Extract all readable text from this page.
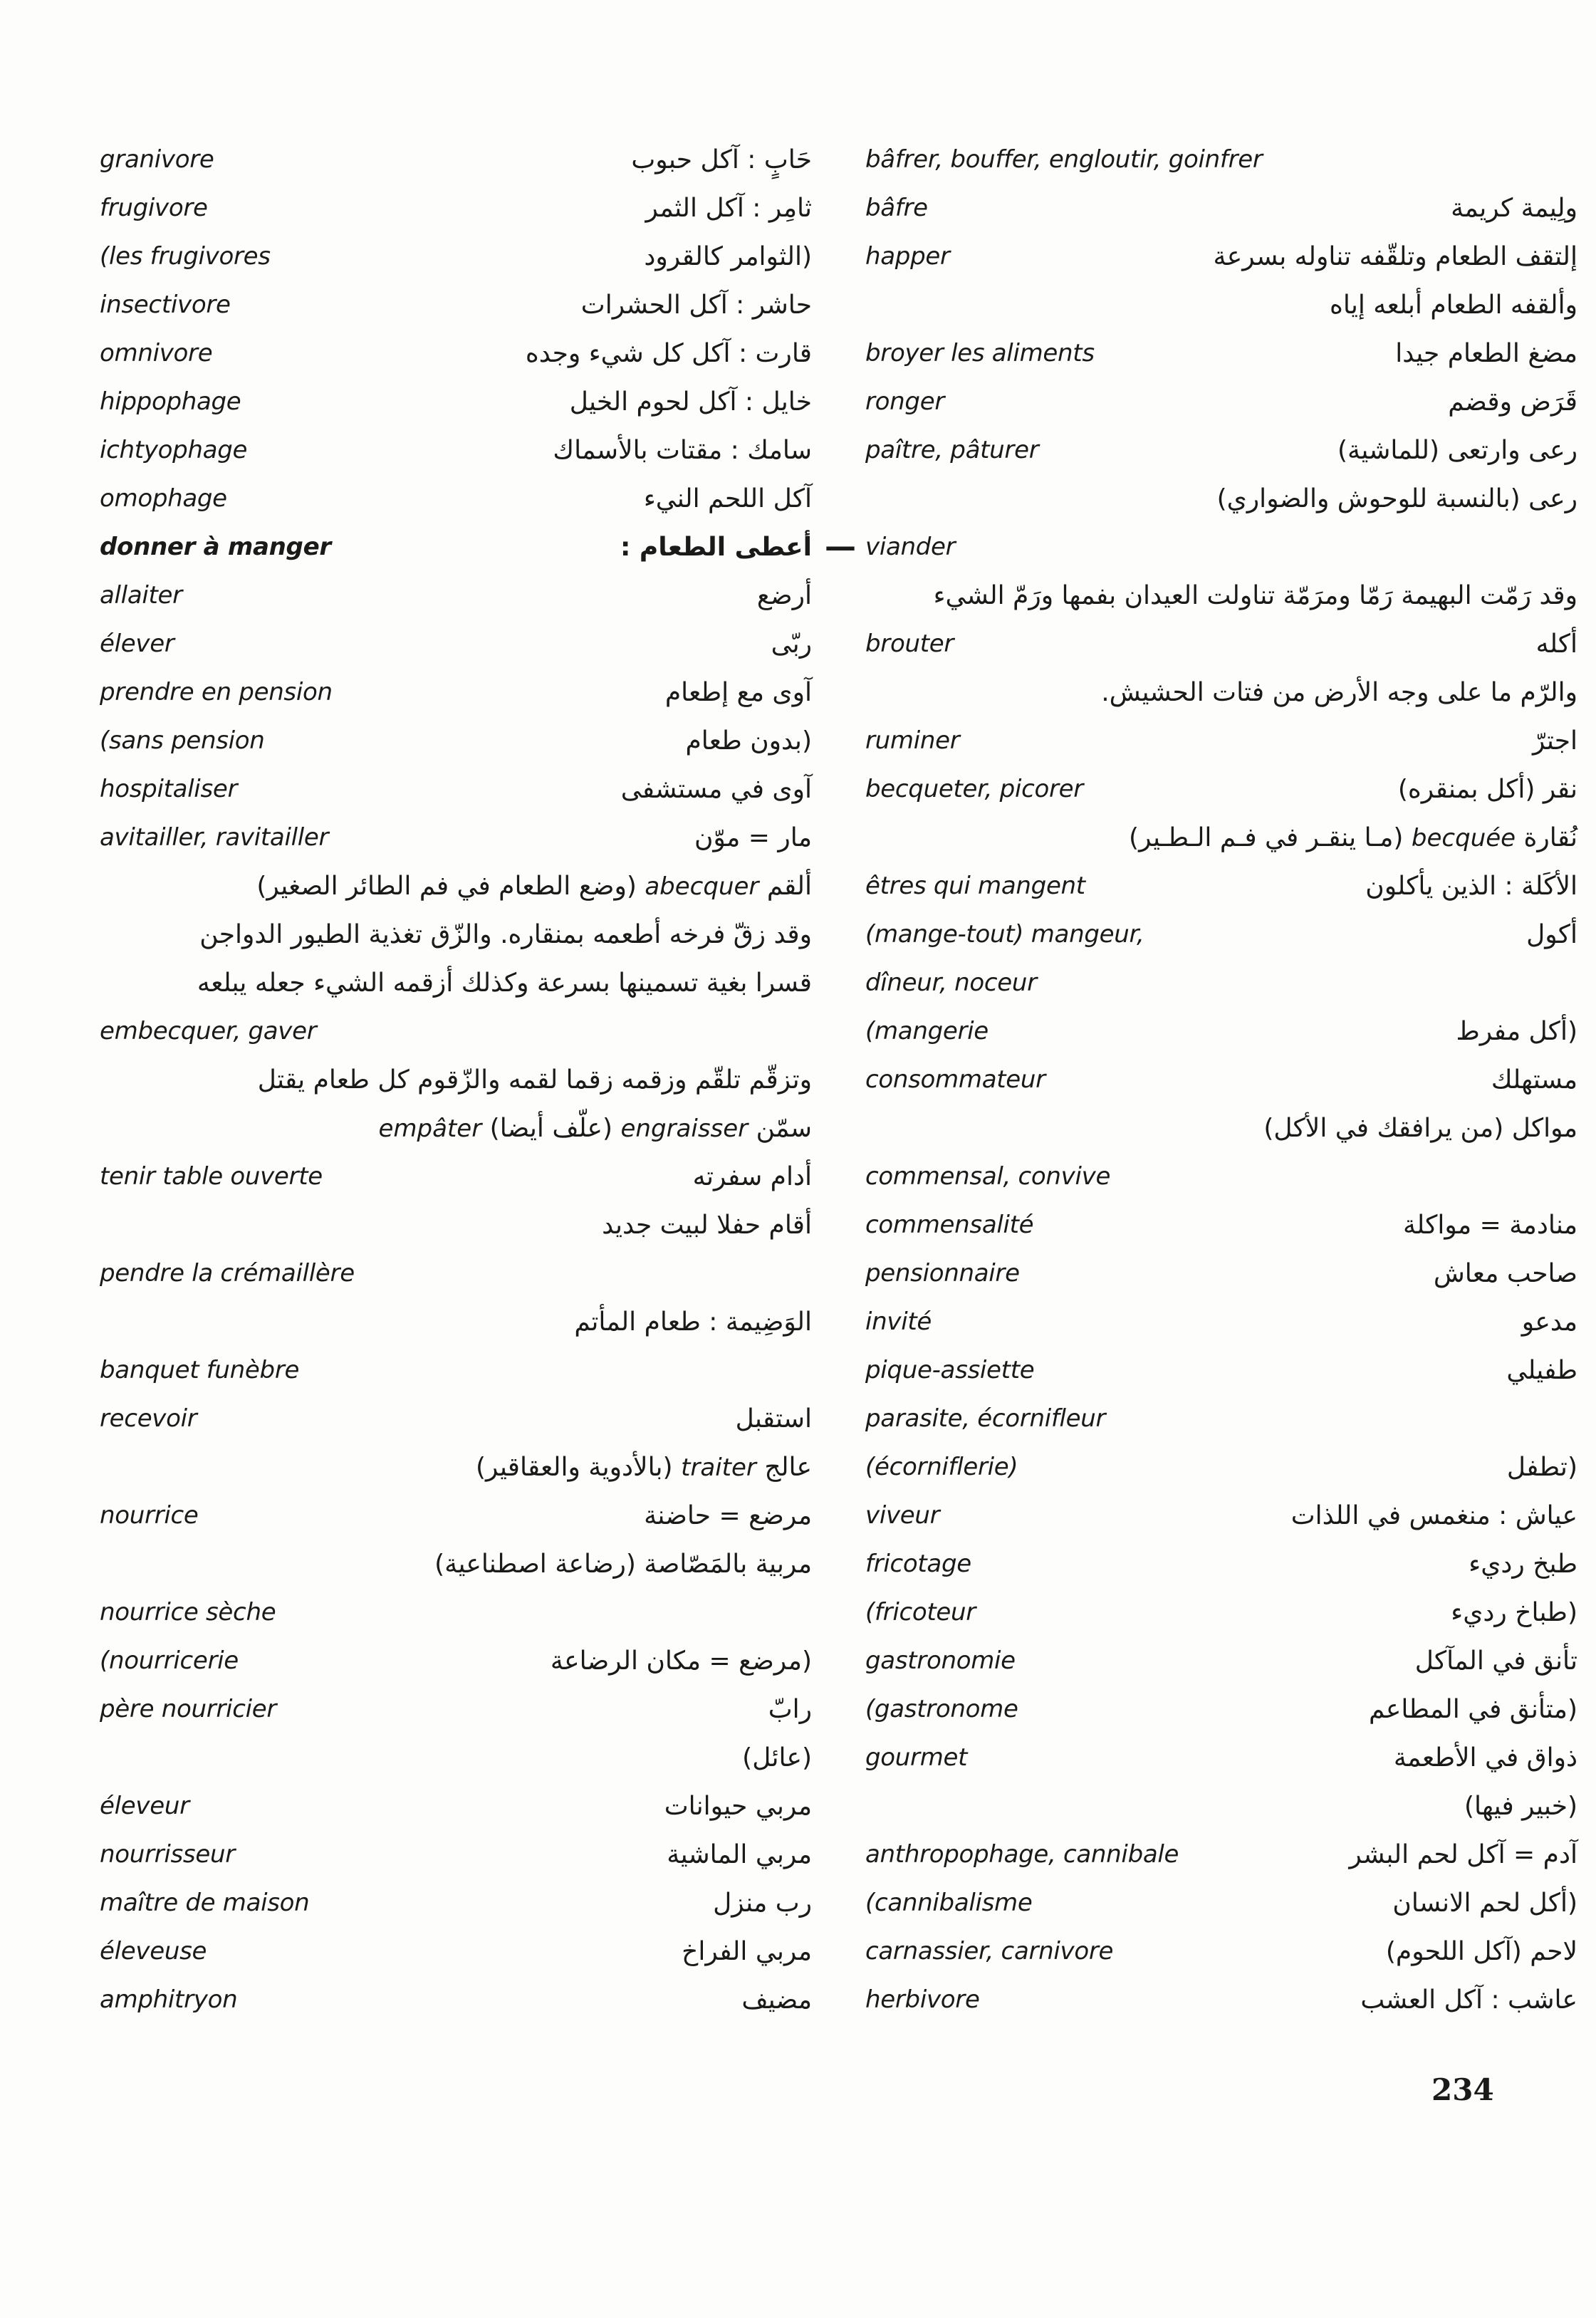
granivore	حَابٍ : آكل حبوب
frugivore	ثامِر : آكل الثمر
(les frugivores	(الثوامر كالقرود
insectivore	حاشر : آكل الحشرات
omnivore	قارت : آكل كل شيء وجده
hippophage	خايل : آكل لحوم الخيل
ichtyophage	سامك : مقتات بالأسماك
omophage	آكل اللحم النيء
donner à manger	أعطى الطعام : —
allaiter	أرضع
élever	ربّى
prendre en pension	آوى مع إطعام
(sans pension	(بدون طعام
hospitaliser	آوى في مستشفى
avitailler, ravitailler	مار = موّن
ألقم abecquer (وضع الطعام في فم الطائر الصغير)
وقد زقّ فرخه أطعمه بمنقاره. والزّق تغذية الطيور الدواجن
قسرا بغية تسمينها بسرعة وكذلك أزقمه الشيء جعله يبلعه
embecquer, gaver
وتزقّم تلقّم وزقمه زقما لقمه والزّقوم كل طعام يقتل
سمّن engraisser (علّف أيضا) empâter
tenir table ouverte	أدام سفرته
أقام حفلا لبيت جديد
pendre la crémaillère
الوَضِيمة : طعام المأتم
banquet funèbre
recevoir	استقبل
عالج traiter (بالأدوية والعقاقير)
nourrice	مرضع = حاضنة
مربية بالمَصّاصة (رضاعة اصطناعية)
nourrice sèche
(nourricerie	(مرضع = مكان الرضاعة
père nourricier	رابّ
(عائل)
éleveur	مربي حيوانات
nourrisseur	مربي الماشية
maître de maison	رب منزل
éleveuse	مربي الفراخ
amphitryon	مضيف
bâfrer, bouffer, engloutir, goinfrer
bâfre	ولِيمة كريمة
happer	إلتقف الطعام وتلقّفه تناوله بسرعة
وألقفه الطعام أبلعه إياه
broyer les aliments	مضغ الطعام جيدا
ronger	قَرَض وقضم
paître, pâturer	رعى وارتعى (للماشية)
رعى (بالنسبة للوحوش والضواري)
viander
وقد رَمّت البهيمة رَمّا ومرَمّة تناولت العيدان بفمها ورَمّ الشيء
brouter	أكله
والرّم ما على وجه الأرض من فتات الحشيش.
ruminer	اجترّ
becqueter, picorer	نقر (أكل بمنقره)
نُقارة becquée (مـا ينقـر في فـم الـطـير)
êtres qui mangent	الأكَلة : الذين يأكلون
(mange-tout) mangeur,	أكول
dîneur, noceur
(mangerie	(أكل مفرط
consommateur	مستهلك
مواكل (من يرافقك في الأكل)
commensal, convive
commensalité	منادمة = مواكلة
pensionnaire	صاحب معاش
invité	مدعو
pique-assiette	طفيلي
parasite, écornifleur
(écorniflerie)	(تطفل
viveur	عياش : منغمس في اللذات
fricotage	طبخ رديء
(fricoteur	(طباخ رديء
gastronomie	تأنق في المآكل
(gastronome	(متأنق في المطاعم
gourmet	ذواق في الأطعمة
(خبير فيها)
anthropophage, cannibale	آدم = آكل لحم البشر
(cannibalisme	(أكل لحم الانسان
carnassier, carnivore	لاحم (آكل اللحوم)
herbivore	عاشب : آكل العشب
234
